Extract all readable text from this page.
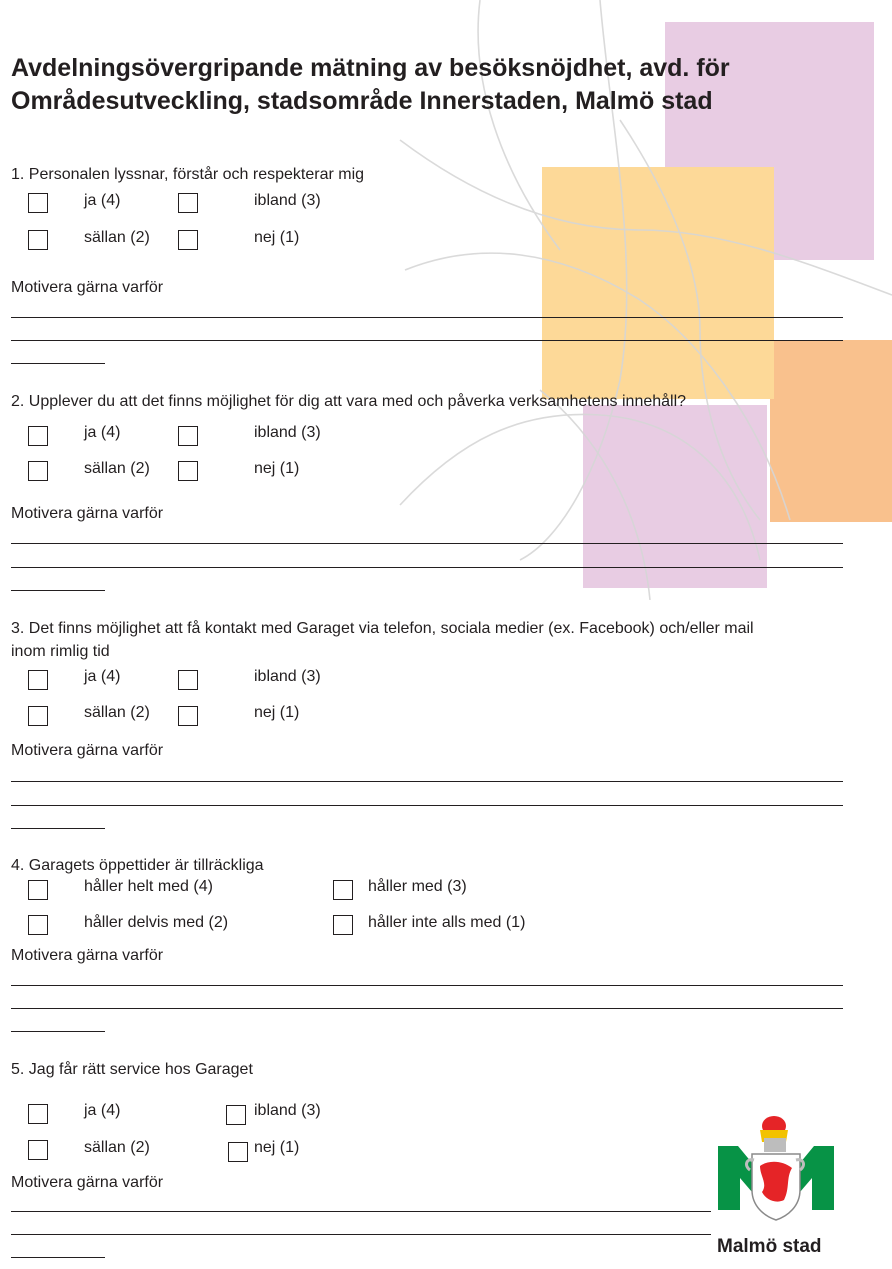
Avdelningsövergripande mätning av besöksnöjdhet, avd. för
Områdesutveckling, stadsområde Innerstaden, Malmö stad
1. Personalen lyssnar, förstår och respekterar mig
ja (4)	ibland (3)
sällan (2)	nej (1)
Motivera gärna varför
2. Upplever du att det finns möjlighet för dig att vara med och påverka verksamhetens innehåll?
ja (4)	ibland (3)
sällan (2)	nej (1)
Motivera gärna varför
3. Det finns möjlighet att få kontakt med Garaget via telefon, sociala medier (ex. Facebook) och/eller mail
inom rimlig tid
ja (4)	ibland (3)
sällan (2)	nej (1)
Motivera gärna varför
4. Garagets öppettider är tillräckliga
håller helt med (4)	håller med (3)
håller delvis med (2)	håller inte alls med (1)
Motivera gärna varför
5. Jag får rätt service hos Garaget
ja (4)	ibland (3)
sällan (2)	nej (1)
Motivera gärna varför
Malmö stad
